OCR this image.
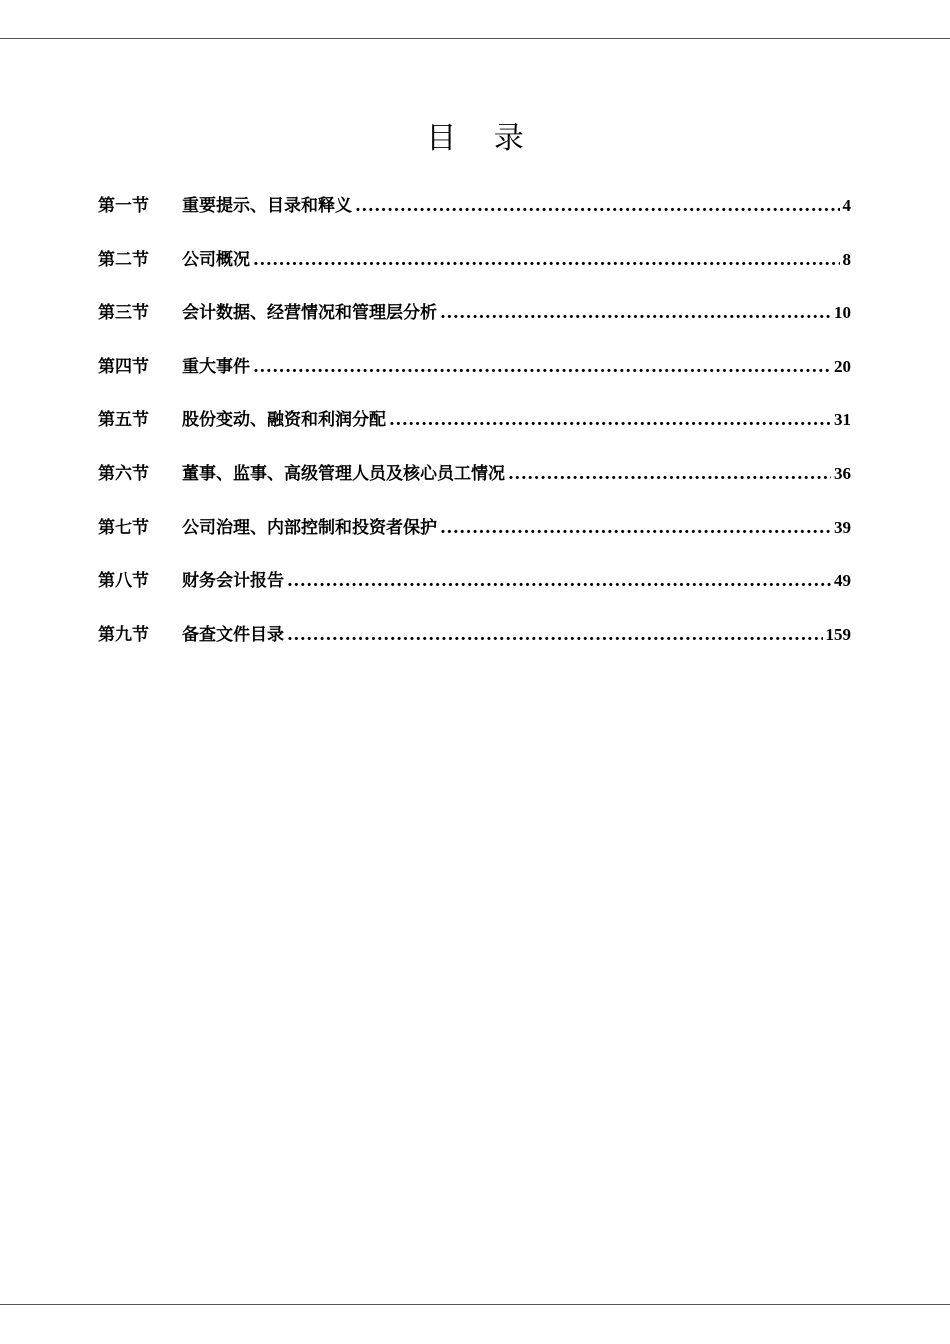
目 录
第一节	重要提示、目录和释义 .....	4
第二节	公司概况 .....	8
第三节	会计数据、经营情况和管理层分析 .....	10
第四节	重大事件 .....	20
第五节	股份变动、融资和利润分配 .....	31
第六节	董事、监事、高级管理人员及核心员工情况 .....	36
第七节	公司治理、内部控制和投资者保护 .....	39
第八节	财务会计报告 .....	49
第九节	备查文件目录 .....	159
